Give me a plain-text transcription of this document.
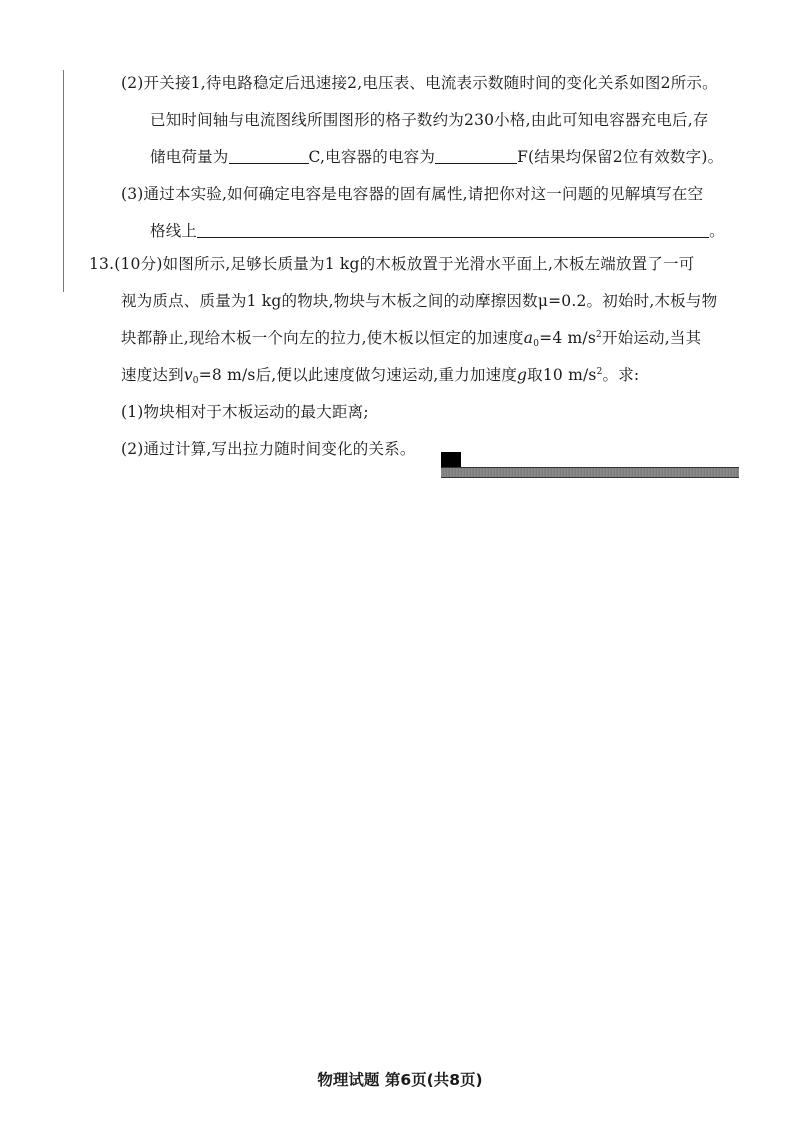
(2)开关接1,待电路稳定后迅速接2,电压表、电流表示数随时间的变化关系如图2所示。
已知时间轴与电流图线所围图形的格子数约为230小格,由此可知电容器充电后,存
储电荷量为	C,电容器的电容为	F(结果均保留2位有效数字)。
(3)通过本实验,如何确定电容是电容器的固有属性,请把你对这一问题的见解填写在空
格线上	。
13.(10分)如图所示,足够长质量为1 kg的木板放置于光滑水平面上,木板左端放置了一可
视为质点、质量为1 kg的物块,物块与木板之间的动摩擦因数μ=0.2。初始时,木板与物
块都静止,现给木板一个向左的拉力,使木板以恒定的加速度$a_0=4$ $m/s^2$开始运动,当其
速度达到$v_0=8$ m/s后,便以此速度做匀速运动,重力加速度g取10 $m/s^2$。求:
(1)物块相对于木板运动的最大距离;
(2)通过计算,写出拉力随时间变化的关系。
物理试题 第6页(共8页)
